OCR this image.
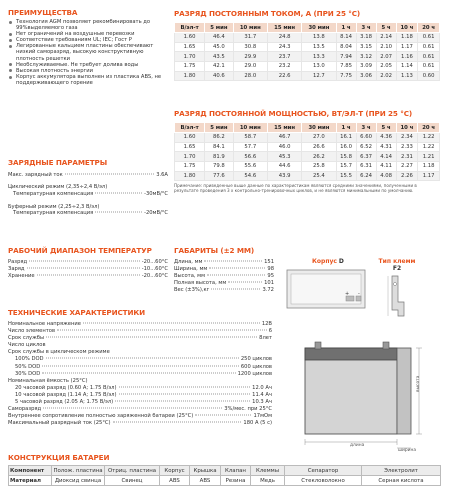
ПРЕИМУЩЕСТВА
Технология AGM позволяет рекомбинировать до 99%выделяемого газа
Нет ограничений на воздушные перевозки
Соответствие требованиям UL; IEC; Гост Р
Легированные кальцием пластины обеспечивают низкий саморазряд, высокую конструктивную плотность решетки
Необслуживаемые. Не требует долива воды
Высокая плотность энергии
Корпус аккумулятора выполнен из пластика ABS, не поддерживающего горение
ЗАРЯДНЫЕ ПАРАМЕТРЫ
Макс. зарядный ток	3.6A
Циклический режим (2,35÷2,4 В/эл)
Температурная компенсация	-30мВ/°С
Буферный режим (2,25÷2,3 В/эл)
Температурная компенсация	-20мВ/°С
РАБОЧИЙ ДИАПАЗОН ТЕМПЕРАТУР
Разряд	-20...60°С
Заряд	-10...60°С
Хранение	-20...60°С
ГАБАРИТЫ (±2 ММ)
Длина, мм	151
Ширина, мм	98
Высота, мм	95
Полная высота, мм	101
Вес (±3%),кг	3.72
Корпус D	Тип клемм
F2
+ -
высота
длина
ширина
ТЕХНИЧЕСКИЕ ХАРАКТЕРИСТИКИ
Номинальное напряжение	12В
Число элементов	6
Срок службы	8лет
Число циклов
Срок службы в циклическом режиме
100% DOD	250 циклов
50% DOD	600 циклов
30% DOD	1200 циклов
Номинальная ёмкость (25°С)
20 часовой разряд (0.60 А; 1.75 В/эл)	12.0 Ач
10 часовой разряд (1.14 А; 1.75 В/эл)	11.4 Ач
5 часовой разряд (2.05 А; 1.75 В/эл)	10.3 Ач
Саморазряд	3%/мес. при 25°С
Внутреннее сопротивление полностью заряженной батареи (25°С)	17мОм
Максимальный разрядный ток (25°С)	180 А (5 с)
РАЗРЯД ПОСТОЯННЫМ ТОКОМ, А (ПРИ 25 °С)
В/эл-т	5 мин	10 мин	15 мин	30 мин	1 ч	3 ч	5 ч	10 ч	20 ч
1.60	46.4	31.7	24.8	13.8	8.14	3.18	2.14	1.18	0.61
1.65	45.0	30.8	24.3	13.5	8.04	3.15	2.10	1.17	0.61
1.70	43.5	29.9	23.7	13.3	7.94	3.12	2.07	1.16	0.61
1.75	42.1	29.0	23.2	13.0	7.85	3.09	2.05	1.14	0.61
1.80	40.6	28.0	22.6	12.7	7.75	3.06	2.02	1.13	0.60
РАЗРЯД ПОСТОЯННОЙ МОЩНОСТЬЮ, ВТ/ЭЛ-Т (ПРИ 25 °С)
В/эл-т	5 мин	10 мин	15 мин	30 мин	1 ч	3 ч	5 ч	10 ч	20 ч
1.60	86.2	58.7	46.7	27.0	16.1	6.60	4.36	2.34	1.22
1.65	84.1	57.7	46.0	26.6	16.0	6.52	4.31	2.33	1.22
1.70	81.9	56.6	45.3	26.2	15.8	6.37	4.14	2.31	1.21
1.75	79.8	55.6	44.6	25.8	15.7	6.31	4.11	2.27	1.18
1.80	77.6	54.6	43.9	25.4	15.5	6.24	4.08	2.26	1.17
Примечание: приведенные выше данные по характеристикам являются средними значениями, полученными в результате проведения 3 х контрольно-тренировочных циклов, и не являются минимальными по умолчанию.
КОНСТРУКЦИЯ БАТАРЕИ
Компонент	Полож. пластина	Отриц. пластина	Корпус	Крышка	Клапан	Клеммы	Сепаратор	Электролит
Материал	Диоксид свинца	Свинец	ABS	ABS	Резина	Медь	Стекловолокно	Серная кислота
